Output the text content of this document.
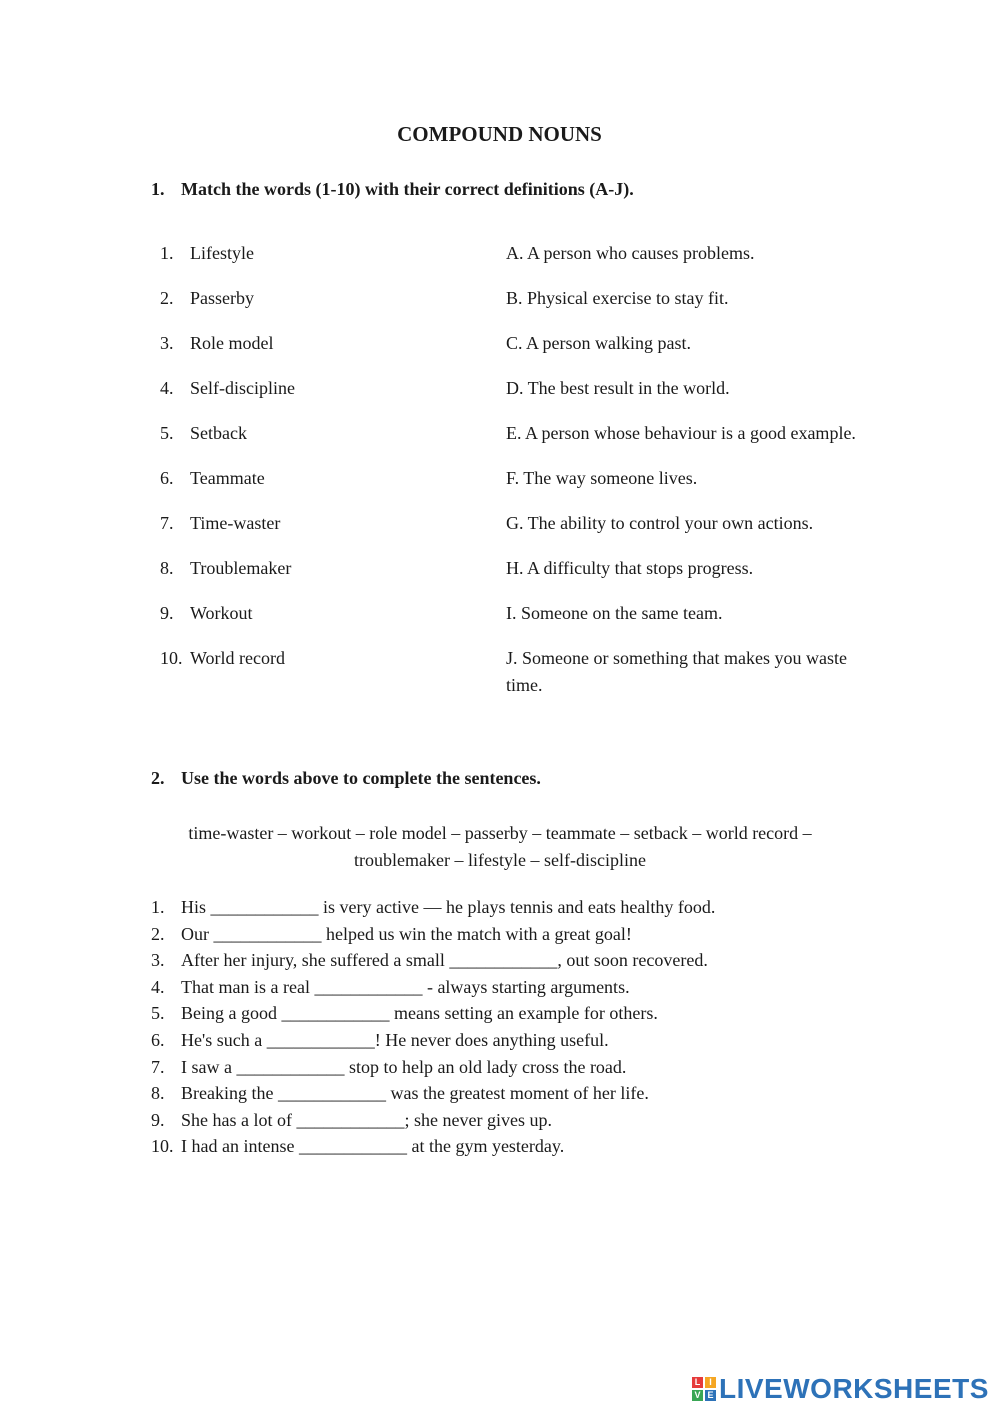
COMPOUND NOUNS
1. Match the words (1-10) with their correct definitions (A-J).
1. Lifestyle	A. A person who causes problems.
2. Passerby	B. Physical exercise to stay fit.
3. Role model	C. A person walking past.
4. Self-discipline	D. The best result in the world.
5. Setback	E. A person whose behaviour is a good example.
6. Teammate	F. The way someone lives.
7. Time-waster	G. The ability to control your own actions.
8. Troublemaker	H. A difficulty that stops progress.
9. Workout	I. Someone on the same team.
10. World record	J. Someone or something that makes you waste time.
2. Use the words above to complete the sentences.
time-waster – workout – role model – passerby – teammate – setback – world record –
troublemaker – lifestyle – self-discipline
1. His ____________ is very active — he plays tennis and eats healthy food.
2. Our ____________ helped us win the match with a great goal!
3. After her injury, she suffered a small ____________, out soon recovered.
4. That man is a real ____________ - always starting arguments.
5. Being a good ____________ means setting an example for others.
6. He's such a ____________! He never does anything useful.
7. I saw a ____________ stop to help an old lady cross the road.
8. Breaking the ____________ was the greatest moment of her life.
9. She has a lot of ____________; she never gives up.
10. I had an intense ____________ at the gym yesterday.
L I
V E LIVEWORKSHEETS
